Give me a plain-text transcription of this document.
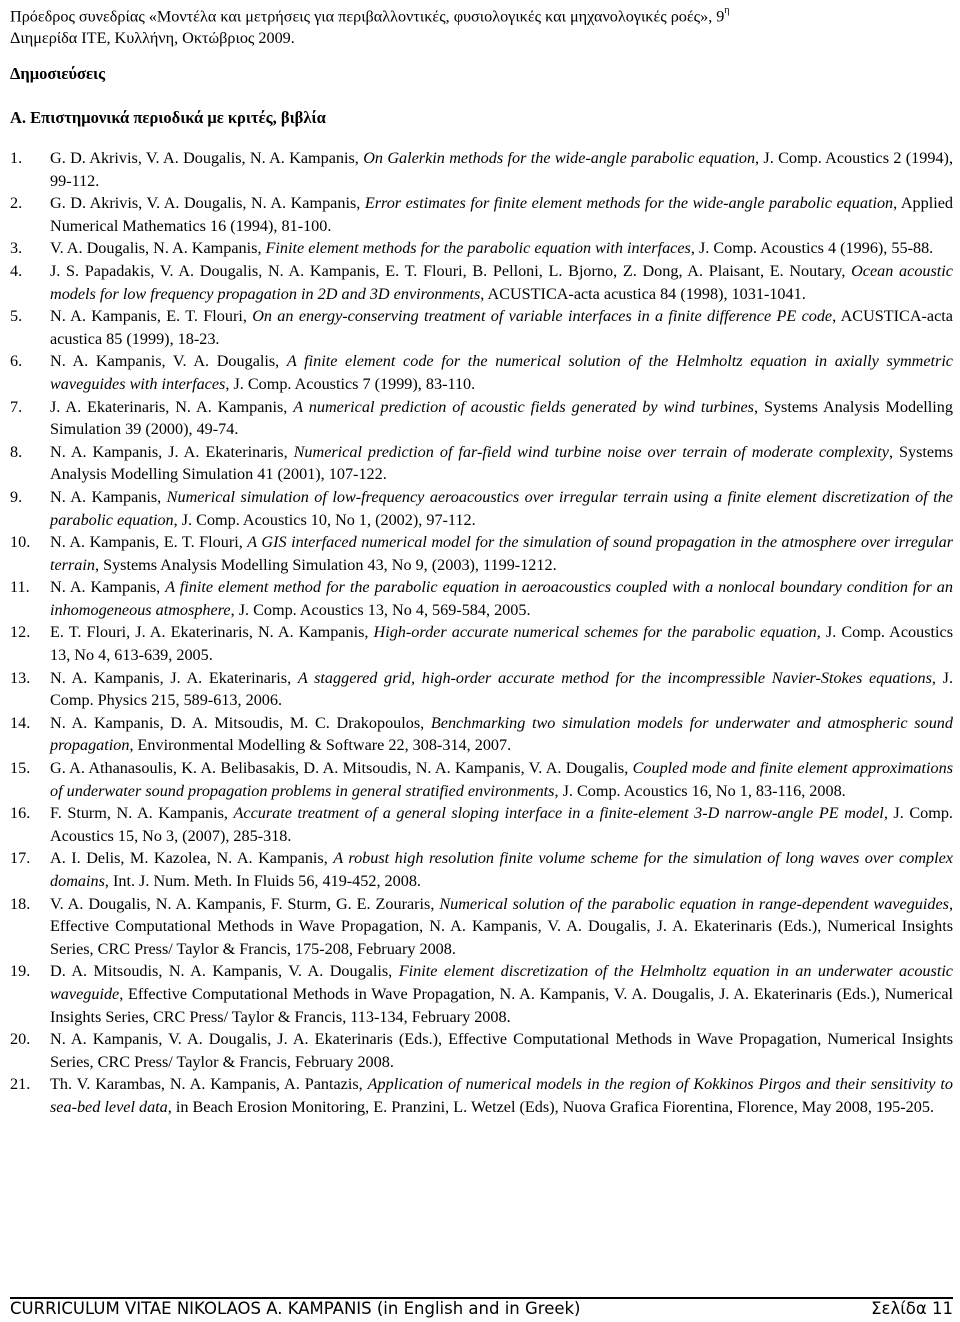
Πρόεδρος συνεδρίας «Μοντέλα και μετρήσεις για περιβαλλοντικές, φυσιολογικές και μηχανολογικές ροές», $9^\eta$
Διημερίδα ΙΤΕ, Κυλλήνη, Οκτώβριος 2009.
Δημοσιεύσεις
Α. Επιστημονικά περιοδικά με κριτές, βιβλία
1. G. D. Akrivis, V. A. Dougalis, N. A. Kampanis, On Galerkin methods for the wide-angle parabolic equation, J. Comp. Acoustics 2 (1994), 99-112.
2. G. D. Akrivis, V. A. Dougalis, N. A. Kampanis, Error estimates for finite element methods for the wide-angle parabolic equation, Applied Numerical Mathematics 16 (1994), 81-100.
3. V. A. Dougalis, N. A. Kampanis, Finite element methods for the parabolic equation with interfaces, J. Comp. Acoustics 4 (1996), 55-88.
4. J. S. Papadakis, V. A. Dougalis, N. A. Kampanis, E. T. Flouri, B. Pelloni, L. Bjorno, Z. Dong, A. Plaisant, E. Noutary, Ocean acoustic models for low frequency propagation in 2D and 3D environments, ACUSTICA-acta acustica 84 (1998), 1031-1041.
5. N. A. Kampanis, E. T. Flouri, On an energy-conserving treatment of variable interfaces in a finite difference PE code, ACUSTICA-acta acustica 85 (1999), 18-23.
6. N. A. Kampanis, V. A. Dougalis, A finite element code for the numerical solution of the Helmholtz equation in axially symmetric waveguides with interfaces, J. Comp. Acoustics 7 (1999), 83-110.
7. J. A. Ekaterinaris, N. A. Kampanis, A numerical prediction of acoustic fields generated by wind turbines, Systems Analysis Modelling Simulation 39 (2000), 49-74.
8. N. A. Kampanis, J. A. Ekaterinaris, Numerical prediction of far-field wind turbine noise over terrain of moderate complexity, Systems Analysis Modelling Simulation 41 (2001), 107-122.
9. N. A. Kampanis, Numerical simulation of low-frequency aeroacoustics over irregular terrain using a finite element discretization of the parabolic equation, J. Comp. Acoustics 10, No 1, (2002), 97-112.
10. N. A. Kampanis, E. T. Flouri, A GIS interfaced numerical model for the simulation of sound propagation in the atmosphere over irregular terrain, Systems Analysis Modelling Simulation 43, No 9, (2003), 1199-1212.
11. N. A. Kampanis, A finite element method for the parabolic equation in aeroacoustics coupled with a nonlocal boundary condition for an inhomogeneous atmosphere, J. Comp. Acoustics 13, No 4, 569-584, 2005.
12. E. T. Flouri, J. A. Ekaterinaris, N. A. Kampanis, High-order accurate numerical schemes for the parabolic equation, J. Comp. Acoustics 13, No 4, 613-639, 2005.
13. N. A. Kampanis, J. A. Ekaterinaris, A staggered grid, high-order accurate method for the incompressible Navier-Stokes equations, J. Comp. Physics 215, 589-613, 2006.
14. N. A. Kampanis, D. A. Mitsoudis, M. C. Drakopoulos, Benchmarking two simulation models for underwater and atmospheric sound propagation, Environmental Modelling & Software 22, 308-314, 2007.
15. G. A. Athanasoulis, K. A. Belibasakis, D. A. Mitsoudis, N. A. Kampanis, V. A. Dougalis, Coupled mode and finite element approximations of underwater sound propagation problems in general stratified environments, J. Comp. Acoustics 16, No 1, 83-116, 2008.
16. F. Sturm, N. A. Kampanis, Accurate treatment of a general sloping interface in a finite-element 3-D narrow-angle PE model, J. Comp. Acoustics 15, No 3, (2007), 285-318.
17. A. I. Delis, M. Kazolea, N. A. Kampanis, A robust high resolution finite volume scheme for the simulation of long waves over complex domains, Int. J. Num. Meth. In Fluids 56, 419-452, 2008.
18. V. A. Dougalis, N. A. Kampanis, F. Sturm, G. E. Zouraris, Numerical solution of the parabolic equation in range-dependent waveguides, Effective Computational Methods in Wave Propagation, N. A. Kampanis, V. A. Dougalis, J. A. Ekaterinaris (Eds.), Numerical Insights Series, CRC Press/ Taylor & Francis, 175-208, February 2008.
19. D. A. Mitsoudis, N. A. Kampanis, V. A. Dougalis, Finite element discretization of the Helmholtz equation in an underwater acoustic waveguide, Effective Computational Methods in Wave Propagation, N. A. Kampanis, V. A. Dougalis, J. A. Ekaterinaris (Eds.), Numerical Insights Series, CRC Press/ Taylor & Francis, 113-134, February 2008.
20. N. A. Kampanis, V. A. Dougalis, J. A. Ekaterinaris (Eds.), Effective Computational Methods in Wave Propagation, Numerical Insights Series, CRC Press/ Taylor & Francis, February 2008.
21. Th. V. Karambas, N. A. Kampanis, A. Pantazis, Application of numerical models in the region of Kokkinos Pirgos and their sensitivity to sea-bed level data, in Beach Erosion Monitoring, E. Pranzini, L. Wetzel (Eds), Nuova Grafica Fiorentina, Florence, May 2008, 195-205.
CURRICULUM VITAE NIKOLAOS A. KAMPANIS (in English and in Greek)	Σελίδα 11
